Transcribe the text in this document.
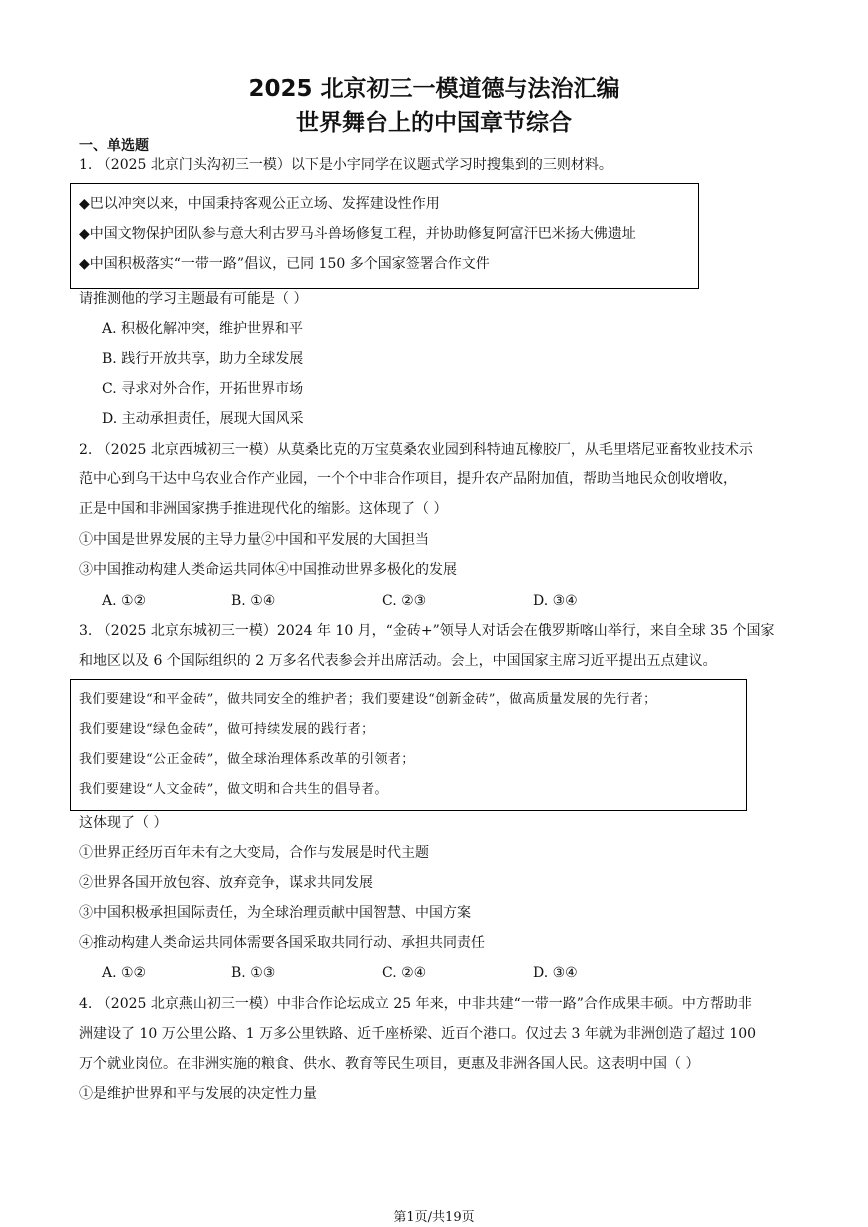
2025 北京初三一模道德与法治汇编
世界舞台上的中国章节综合
一、单选题
1. （2025 北京门头沟初三一模）以下是小宇同学在议题式学习时搜集到的三则材料。
◆巴以冲突以来，中国秉持客观公正立场、发挥建设性作用
◆中国文物保护团队参与意大利古罗马斗兽场修复工程，并协助修复阿富汗巴米扬大佛遗址
◆中国积极落实“一带一路”倡议，已同 150 多个国家签署合作文件
请推测他的学习主题最有可能是（ ）
A. 积极化解冲突，维护世界和平
B. 践行开放共享，助力全球发展
C. 寻求对外合作，开拓世界市场
D. 主动承担责任，展现大国风采
2. （2025 北京西城初三一模）从莫桑比克的万宝莫桑农业园到科特迪瓦橡胶厂，从毛里塔尼亚畜牧业技术示
范中心到乌干达中乌农业合作产业园，一个个中非合作项目，提升农产品附加值，帮助当地民众创收增收，
正是中国和非洲国家携手推进现代化的缩影。这体现了（ ）
①中国是世界发展的主导力量②中国和平发展的大国担当
③中国推动构建人类命运共同体④中国推动世界多极化的发展
A. ①②	B. ①④	C. ②③	D. ③④
3. （2025 北京东城初三一模）2024 年 10 月，“金砖+”领导人对话会在俄罗斯喀山举行，来自全球 35 个国家
和地区以及 6 个国际组织的 2 万多名代表参会并出席活动。会上，中国国家主席习近平提出五点建议。
我们要建设“和平金砖”，做共同安全的维护者；我们要建设“创新金砖”，做高质量发展的先行者；
我们要建设“绿色金砖”，做可持续发展的践行者；
我们要建设“公正金砖”，做全球治理体系改革的引领者；
我们要建设“人文金砖”，做文明和合共生的倡导者。
这体现了（ ）
①世界正经历百年未有之大变局，合作与发展是时代主题
②世界各国开放包容、放弃竞争，谋求共同发展
③中国积极承担国际责任，为全球治理贡献中国智慧、中国方案
④推动构建人类命运共同体需要各国采取共同行动、承担共同责任
A. ①②	B. ①③	C. ②④	D. ③④
4. （2025 北京燕山初三一模）中非合作论坛成立 25 年来，中非共建“一带一路”合作成果丰硕。中方帮助非
洲建设了 10 万公里公路、1 万多公里铁路、近千座桥梁、近百个港口。仅过去 3 年就为非洲创造了超过 100
万个就业岗位。在非洲实施的粮食、供水、教育等民生项目，更惠及非洲各国人民。这表明中国（ ）
①是维护世界和平与发展的决定性力量
第1页/共19页
